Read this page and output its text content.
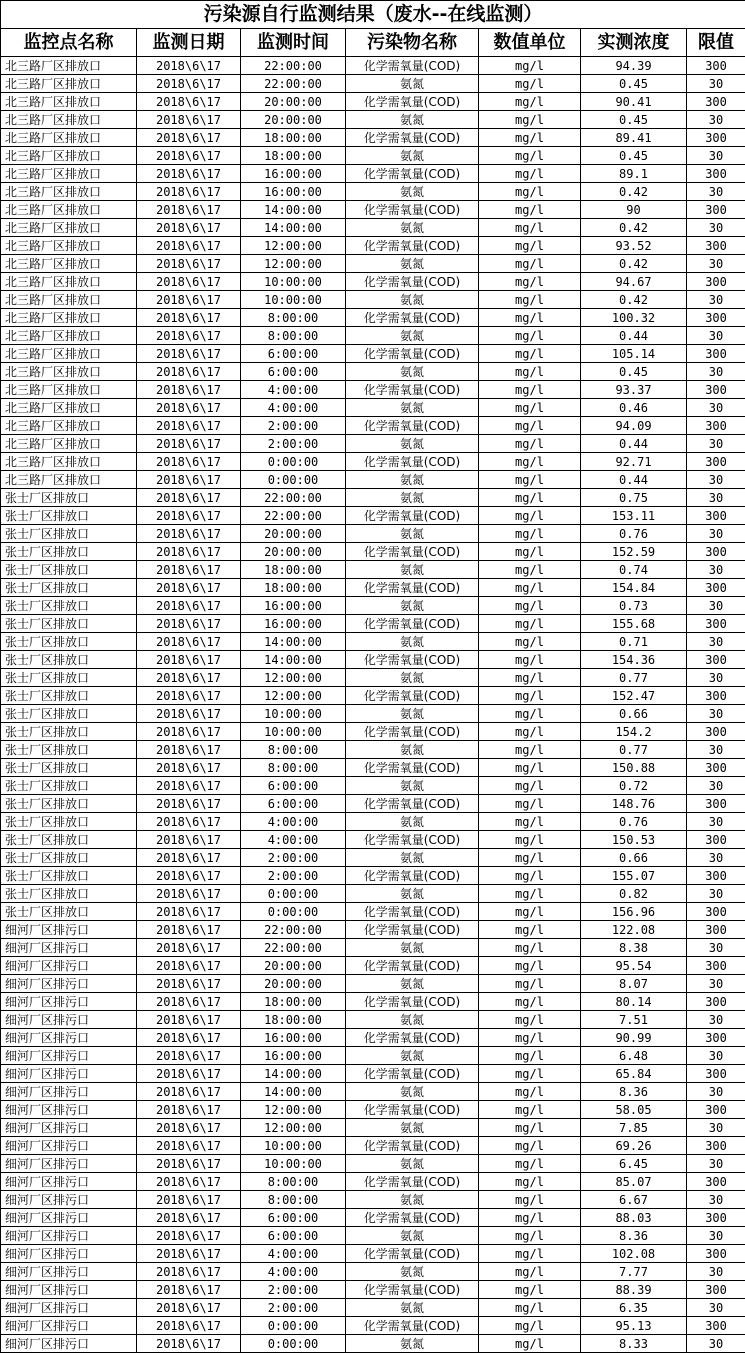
污染源自行监测结果（废水--在线监测）						
监控点名称	监测日期	监测时间	污染物名称	数值单位	实测浓度	限值
北三路厂区排放口	2018\6\17	22:00:00	化学需氧量(COD)	mg/l	94.39	300
北三路厂区排放口	2018\6\17	22:00:00	氨氮	mg/l	0.45	30
北三路厂区排放口	2018\6\17	20:00:00	化学需氧量(COD)	mg/l	90.41	300
北三路厂区排放口	2018\6\17	20:00:00	氨氮	mg/l	0.45	30
北三路厂区排放口	2018\6\17	18:00:00	化学需氧量(COD)	mg/l	89.41	300
北三路厂区排放口	2018\6\17	18:00:00	氨氮	mg/l	0.45	30
北三路厂区排放口	2018\6\17	16:00:00	化学需氧量(COD)	mg/l	89.1	300
北三路厂区排放口	2018\6\17	16:00:00	氨氮	mg/l	0.42	30
北三路厂区排放口	2018\6\17	14:00:00	化学需氧量(COD)	mg/l	90	300
北三路厂区排放口	2018\6\17	14:00:00	氨氮	mg/l	0.42	30
北三路厂区排放口	2018\6\17	12:00:00	化学需氧量(COD)	mg/l	93.52	300
北三路厂区排放口	2018\6\17	12:00:00	氨氮	mg/l	0.42	30
北三路厂区排放口	2018\6\17	10:00:00	化学需氧量(COD)	mg/l	94.67	300
北三路厂区排放口	2018\6\17	10:00:00	氨氮	mg/l	0.42	30
北三路厂区排放口	2018\6\17	8:00:00	化学需氧量(COD)	mg/l	100.32	300
北三路厂区排放口	2018\6\17	8:00:00	氨氮	mg/l	0.44	30
北三路厂区排放口	2018\6\17	6:00:00	化学需氧量(COD)	mg/l	105.14	300
北三路厂区排放口	2018\6\17	6:00:00	氨氮	mg/l	0.45	30
北三路厂区排放口	2018\6\17	4:00:00	化学需氧量(COD)	mg/l	93.37	300
北三路厂区排放口	2018\6\17	4:00:00	氨氮	mg/l	0.46	30
北三路厂区排放口	2018\6\17	2:00:00	化学需氧量(COD)	mg/l	94.09	300
北三路厂区排放口	2018\6\17	2:00:00	氨氮	mg/l	0.44	30
北三路厂区排放口	2018\6\17	0:00:00	化学需氧量(COD)	mg/l	92.71	300
北三路厂区排放口	2018\6\17	0:00:00	氨氮	mg/l	0.44	30
张士厂区排放口	2018\6\17	22:00:00	氨氮	mg/l	0.75	30
张士厂区排放口	2018\6\17	22:00:00	化学需氧量(COD)	mg/l	153.11	300
张士厂区排放口	2018\6\17	20:00:00	氨氮	mg/l	0.76	30
张士厂区排放口	2018\6\17	20:00:00	化学需氧量(COD)	mg/l	152.59	300
张士厂区排放口	2018\6\17	18:00:00	氨氮	mg/l	0.74	30
张士厂区排放口	2018\6\17	18:00:00	化学需氧量(COD)	mg/l	154.84	300
张士厂区排放口	2018\6\17	16:00:00	氨氮	mg/l	0.73	30
张士厂区排放口	2018\6\17	16:00:00	化学需氧量(COD)	mg/l	155.68	300
张士厂区排放口	2018\6\17	14:00:00	氨氮	mg/l	0.71	30
张士厂区排放口	2018\6\17	14:00:00	化学需氧量(COD)	mg/l	154.36	300
张士厂区排放口	2018\6\17	12:00:00	氨氮	mg/l	0.77	30
张士厂区排放口	2018\6\17	12:00:00	化学需氧量(COD)	mg/l	152.47	300
张士厂区排放口	2018\6\17	10:00:00	氨氮	mg/l	0.66	30
张士厂区排放口	2018\6\17	10:00:00	化学需氧量(COD)	mg/l	154.2	300
张士厂区排放口	2018\6\17	8:00:00	氨氮	mg/l	0.77	30
张士厂区排放口	2018\6\17	8:00:00	化学需氧量(COD)	mg/l	150.88	300
张士厂区排放口	2018\6\17	6:00:00	氨氮	mg/l	0.72	30
张士厂区排放口	2018\6\17	6:00:00	化学需氧量(COD)	mg/l	148.76	300
张士厂区排放口	2018\6\17	4:00:00	氨氮	mg/l	0.76	30
张士厂区排放口	2018\6\17	4:00:00	化学需氧量(COD)	mg/l	150.53	300
张士厂区排放口	2018\6\17	2:00:00	氨氮	mg/l	0.66	30
张士厂区排放口	2018\6\17	2:00:00	化学需氧量(COD)	mg/l	155.07	300
张士厂区排放口	2018\6\17	0:00:00	氨氮	mg/l	0.82	30
张士厂区排放口	2018\6\17	0:00:00	化学需氧量(COD)	mg/l	156.96	300
细河厂区排污口	2018\6\17	22:00:00	化学需氧量(COD)	mg/l	122.08	300
细河厂区排污口	2018\6\17	22:00:00	氨氮	mg/l	8.38	30
细河厂区排污口	2018\6\17	20:00:00	化学需氧量(COD)	mg/l	95.54	300
细河厂区排污口	2018\6\17	20:00:00	氨氮	mg/l	8.07	30
细河厂区排污口	2018\6\17	18:00:00	化学需氧量(COD)	mg/l	80.14	300
细河厂区排污口	2018\6\17	18:00:00	氨氮	mg/l	7.51	30
细河厂区排污口	2018\6\17	16:00:00	化学需氧量(COD)	mg/l	90.99	300
细河厂区排污口	2018\6\17	16:00:00	氨氮	mg/l	6.48	30
细河厂区排污口	2018\6\17	14:00:00	化学需氧量(COD)	mg/l	65.84	300
细河厂区排污口	2018\6\17	14:00:00	氨氮	mg/l	8.36	30
细河厂区排污口	2018\6\17	12:00:00	化学需氧量(COD)	mg/l	58.05	300
细河厂区排污口	2018\6\17	12:00:00	氨氮	mg/l	7.85	30
细河厂区排污口	2018\6\17	10:00:00	化学需氧量(COD)	mg/l	69.26	300
细河厂区排污口	2018\6\17	10:00:00	氨氮	mg/l	6.45	30
细河厂区排污口	2018\6\17	8:00:00	化学需氧量(COD)	mg/l	85.07	300
细河厂区排污口	2018\6\17	8:00:00	氨氮	mg/l	6.67	30
细河厂区排污口	2018\6\17	6:00:00	化学需氧量(COD)	mg/l	88.03	300
细河厂区排污口	2018\6\17	6:00:00	氨氮	mg/l	8.36	30
细河厂区排污口	2018\6\17	4:00:00	化学需氧量(COD)	mg/l	102.08	300
细河厂区排污口	2018\6\17	4:00:00	氨氮	mg/l	7.77	30
细河厂区排污口	2018\6\17	2:00:00	化学需氧量(COD)	mg/l	88.39	300
细河厂区排污口	2018\6\17	2:00:00	氨氮	mg/l	6.35	30
细河厂区排污口	2018\6\17	0:00:00	化学需氧量(COD)	mg/l	95.13	300
细河厂区排污口	2018\6\17	0:00:00	氨氮	mg/l	8.33	30
